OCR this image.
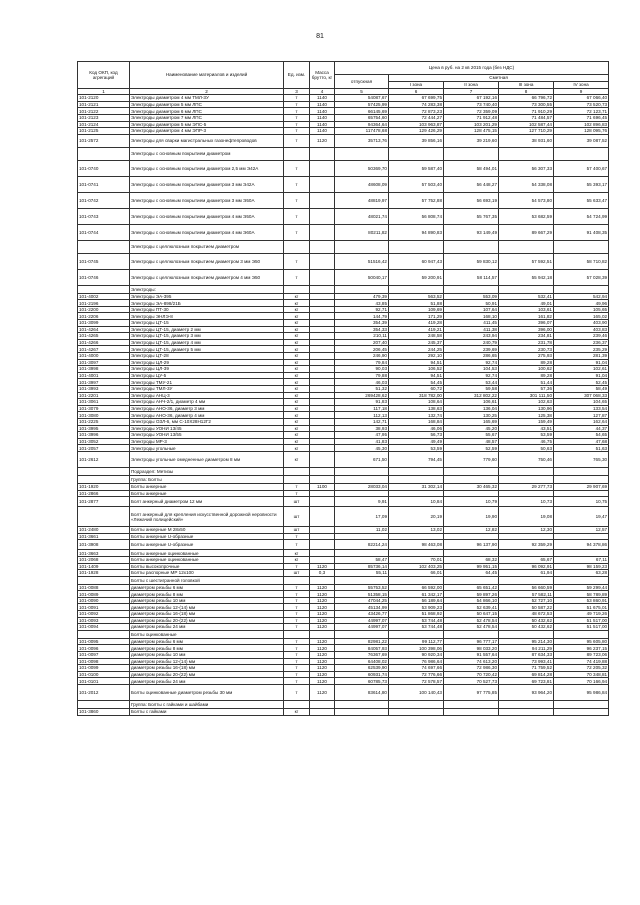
81
Код ОКП, код агрегаций	Наименование материалов и изделий	Ед. изм.	Масса брутто, кг	Цена в руб. на 2 кв 2015 года (без НДС)				
				отпускная	Сметная			
					I зона	II зона	III зона	IV зона
1	2	3	4	5	6	7	8	9
101-2120	Электроды диаметром 4 мм ТМЛ-3У	т	1140	54087,67	67 699,75	67 192,16	66 796,72	67 066,40
101-2121	Электроды диаметром 5 мм ЛПС	т	1140	57425,99	74 283,38	73 740,40	73 300,55	73 520,73
101-2122	Электроды диаметром 6 мм ЛПС	т	1140	66145,69	72 873,23	72 359,09	71 910,29	72 123,71
101-2123	Электроды диаметром 7 мм ЛПС	т	1140	65754,60	72 444,27	71 912,48	71 484,57	71 696,45
101-2124	Электроды диаметром 5 мм ЭПС-5	т	1140	94364,64	103 963,87	103 201,29	102 587,44	102 896,83
101-2125	Электроды диаметром 4 мм ЭПР-3	т	1140	117478,68	129 426,29	128 475,15	127 710,29	128 095,76
101-2572	Электроды для сварки магистральных газонефтепроводов	т	1120	35713,76	39 856,16	39 219,60	38 931,60	39 087,52
	Электроды с основным покрытием диаметром							
101-0740	Электроды с основным покрытием диаметром 2,5 мм Э42А	т		50369,70	59 587,40	58 494,01	56 307,33	57 400,67
101-0741	Электроды с основным покрытием диаметром 3 мм Э42А	т		48608,09	57 503,40	56 448,27	54 338,08	55 393,17
101-0742	Электроды с основным покрытием диаметром 3 мм Э50А	т		48819,97	57 752,88	56 693,19	54 573,80	55 633,47
101-0743	Электроды с основным покрытием диаметром 4 мм Э50А	т		48021,74	56 808,74	55 767,35	53 682,59	54 724,99
101-0744	Электроды с основным покрытием диаметром 4 мм Э60А	т		80211,82	94 890,83	93 149,49	89 667,29	91 408,35
	Электроды с целлюлозным покрытием диаметром							
101-0745	Электроды с целлюлозным покрытием диаметром 3 мм Э50	т		51516,42	60 947,43	59 830,12	57 592,51	58 710,82
101-0746	Электроды с целлюлозным покрытием диаметром 4 мм Э50	т		50040,17	59 200,91	58 114,57	55 942,18	57 028,39
	Электроды:							
101-4002	Электроды ЭА-395	кг		479,39	563,52	553,09	532,41	542,94
101-2196	Электроды ЭА-898/21Б	кг		43,85	51,88	50,91	49,01	49,96
101-2200	Электроды ПТ-30	кг		92,71	109,69	107,64	103,61	105,65
101-2206	Электроды ЭНЛЭ-8	кг		144,79	171,29	168,10	161,82	165,02
101-3099	Электроды ЦТ-15	кг		354,39	419,28	411,45	396,07	403,90
101-4264	Электроды ЦТ-15, диаметр 2 мм	кг		354,33	419,21	411,38	396,00	403,83
101-4265	Электроды ЦТ-15, диаметр 3 мм	кг		210,11	248,58	243,94	234,81	239,46
101-4266	Электроды ЦТ-15, диаметр 4 мм	кг		207,40	245,37	240,79	231,78	236,37
101-4267	Электроды ЦТ-15, диаметр 5 мм	кг		206,45	244,25	239,69	230,73	235,29
101-4000	Электроды ЦТ-28	кг		246,90	292,10	286,65	275,93	281,39
101-3097	Электроды ЦЛ-29	кг		79,84	94,51	92,74	89,28	91,04
101-3998	Электроды ЦЛ-39	кг		90,03	106,52	104,53	100,62	102,61
101-4001	Электроды ЦУ-5	кг		79,88	94,51	92,74	89,28	91,04
101-3997	Электроды ТМУ-21	кг		46,03	54,45	53,44	51,44	52,45
101-3993	Электроды ТМЛ-3У	кг		51,32	60,72	59,58	57,36	58,49
101-2201	Электроды АНЦ-3	кг		269428,62	318 782,00	312 802,22	301 111,50	307 068,33
101-3061	Электроды АНЧ-2/1, диаметр 4 мм	кг		91,83	108,64	106,61	102,63	104,65
101-3079	Электроды АНО-36, диаметр 3 мм	кг		117,18	138,63	136,04	130,96	133,54
101-3080	Электроды АНО-36, диаметр 4 мм	кг		112,13	132,74	130,25	125,38	127,87
101-2225	Электроды ОЗЛ-6, мм С-10Х28Н12Г2	кг		142,71	168,84	165,69	159,49	162,64
101-3995	Электроды УОНИ 13/45	кг		38,93	46,06	45,20	43,51	44,37
101-3996	Электроды УОНИ 13/55	кг		47,95	56,73	55,67	53,59	54,65
101-3052	Электроды МР-3	кг		41,83	49,49	48,57	46,75	47,68
101-2057	Электроды угольные	кг		45,30	53,59	52,59	50,63	51,63
101-2612	Электроды угольные омедненные диаметром 8 мм	кг		671,50	794,45	779,60	750,46	765,30
	Подраздел: Метизы							
	Группа: Болты							
101-1920	Болты анкерные	т	1100	28033,04	31 302,14	30 465,32	29 277,73	29 907,69
101-2866	Болты анкерные	т						
101-2877	Болт анкерный диаметром 12 мм	шт		9,91	10,84	10,79	10,73	10,75
	Болт анкерный для крепления искусственной дорожной неровности «Лежачий полицейский»	шт		17,09	20,19	19,90	19,08	19,47
101-2480	Болты анкерные М 28х50	шт		11,02	13,02	12,82	12,30	12,57
101-3661	Болты анкерные U-образные	т						
101-3908	Болты анкерные U-образные	т		82214,24	98 463,08	96 137,90	92 359,29	94 378,86
101-3663	Болты анкерные оцинкованные	кг						
101-2068	Болты анкерные оцинкованные	кг		58,47	70,01	68,32	65,67	67,11
101-1409	Болты высокопрочные	т	1120	85736,14	102 403,25	99 951,15	96 092,91	98 159,23
101-1928	Болты распорные МР 12х100	шт	0,3	55,11	66,01	64,45	61,94	63,28
	Болты с шестигранной головкой							
101-0088	диаметром резьбы 6 мм	т	1120	55753,52	66 592,00	65 651,42	56 660,59	59 299,44
101-0089	диаметром резьбы 8 мм	т	1120	51358,15	61 342,17	59 897,26	57 582,11	58 789,89
101-0090	диаметром резьбы 10 мм	т	1120	47044,25	56 189,64	54 866,10	52 727,10	53 860,91
101-0091	диаметром резьбы 12-(14) мм	т	1120	45134,99	53 909,23	52 639,41	50 587,22	51 675,01
101-0092	диаметром резьбы 16-(18) мм	т	1120	43426,77	51 868,92	50 647,15	48 672,53	49 719,26
101-0093	диаметром резьбы 20-(22) мм	т	1120	44997,07	53 744,48	52 478,54	50 432,62	51 517,00
101-0094	диаметром резьбы 24 мм	т	1120	44997,07	53 744,48	52 478,54	50 432,62	51 517,00
	Болты оцинкованные							
101-0095	диаметром резьбы 6 мм	т	1120	82981,22	99 112,77	96 777,17	95 214,30	95 605,80
101-0096	диаметром резьбы 8 мм	т	1120	84057,93	100 398,06	98 033,20	94 211,29	96 237,15
101-0097	диаметром резьбы 10 мм	т	1120	76367,69	90 920,34	91 557,64	87 634,33	89 723,06
101-0098	диаметром резьбы 12-(14) мм	т	1120	64408,02	76 986,64	74 613,20	73 993,41	74 419,88
101-0099	диаметром резьбы 16-(18) мм	т	1120	62539,90	74 697,66	72 986,30	71 759,52	72 205,32
101-0100	диаметром резьбы 20-(22) мм	т	1120	60931,74	72 776,66	70 720,42	69 814,28	70 348,81
101-0101	диаметром резьбы 24 мм	т	1120	60785,73	72 578,57	70 527,73	69 723,81	70 166,94
101-2012	Болты оцинкованные диаметром резьбы 30 мм	т	1120	83614,80	100 140,43	97 775,85	93 964,20	95 986,84
	Группа: Болты с гайками и шайбами							
101-3860	Болты с гайками	кг						
